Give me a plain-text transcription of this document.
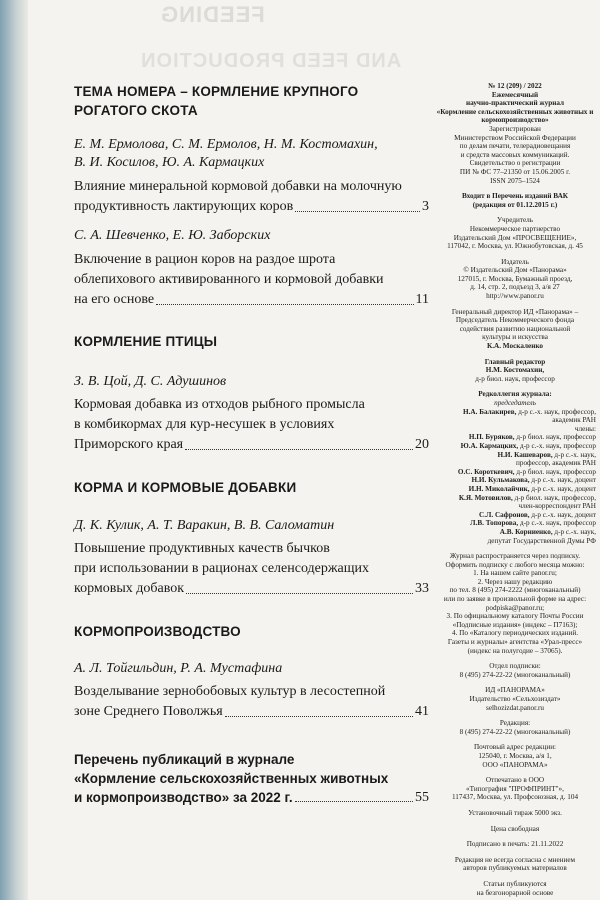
FEEDING
AND FEED PRODUCTION
ТЕМА НОМЕРА – КОРМЛЕНИЕ КРУПНОГО
РОГАТОГО СКОТА
Е. М. Ермолова, С. М. Ермолов, Н. М. Костомахин,
В. И. Косилов, Ю. А. Кармацких
Влияние минеральной кормовой добавки на молочную
продуктивность лактирующих коров	3
С. А. Шевченко, Е. Ю. Заборских
Включение в рацион коров на раздое шрота
облепихового активированного и кормовой добавки
на его основе	11
КОРМЛЕНИЕ ПТИЦЫ
З. В. Цой, Д. С. Адушинов
Кормовая добавка из отходов рыбного промысла
в комбикормах для кур-несушек в условиях
Приморского края	20
КОРМА И КОРМОВЫЕ ДОБАВКИ
Д. К. Кулик, А. Т. Варакин, В. В. Саломатин
Повышение продуктивных качеств бычков
при использовании в рационах селенсодержащих
кормовых добавок	33
КОРМОПРОИЗВОДСТВО
А. Л. Тойгильдин, Р. А. Мустафина
Возделывание зернобобовых культур в лесостепной
зоне Среднего Поволжья	41
Перечень публикаций в журнале
«Кормление сельскохозяйственных животных
и кормопроизводство» за 2022 г.	55
№ 12 (209) / 2022
Ежемесячный
научно-практический журнал
«Кормление сельскохозяйственных животных и кормопроизводство»
Зарегистрирован
Министерством Российской Федерации
по делам печати, телерадиовещания
и средств массовых коммуникаций.
Свидетельство о регистрации
ПИ № ФС 77–21350 от 15.06.2005 г.
ISSN 2075–1524
Входит в Перечень изданий ВАК
(редакция от 01.12.2015 г.)
Учредитель
Некоммерческое партнерство
Издательский Дом «ПРОСВЕЩЕНИЕ»,
117042, г. Москва, ул. Южнобутовская, д. 45
Издатель
© Издательский Дом «Панорама»
127015, г. Москва, Бумажный проезд,
д. 14, стр. 2, подъезд 3, а/я 27
http://www.panor.ru
Генеральный директор ИД «Панорама» –
Председатель Некоммерческого фонда
содействия развитию национальной
культуры и искусства
К.А. Москаленко
Главный редактор
Н.М. Костомахин,
д-р биол. наук, профессор
Редколлегия журнала:
председатель
Н.А. Балакирев, д-р с.-х. наук, профессор,
академик РАН
члены:
Н.П. Буряков, д-р биол. наук, профессор
Ю.А. Кармацких, д-р с.-х. наук, профессор
Н.И. Кашеваров, д-р с.-х. наук,
профессор, академик РАН
О.С. Короткевич, д-р биол. наук, профессор
Н.И. Кульмакова, д-р с.-х. наук, доцент
И.Н. Миколайчик, д-р с.-х. наук, доцент
К.Я. Мотовилов, д-р биол. наук, профессор,
член-корреспондент РАН
С.Л. Сафронов, д-р с.-х. наук, доцент
Л.В. Топорова, д-р с.-х. наук, профессор
А.В. Корниенко, д-р с.-х. наук,
депутат Государственной Думы РФ
Журнал распространяется через подписку.
Оформить подписку с любого месяца можно:
1. На нашем сайте panor.ru;
2. Через нашу редакцию
по тел. 8 (495) 274-2222 (многоканальный)
или по заявке в произвольной форме на адрес:
podpiska@panor.ru;
3. По официальному каталогу Почты России
«Подписные издания» (индекс – П7163);
4. По «Каталогу периодических изданий.
Газеты и журналы» агентства «Урал-пресс»
(индекс на полугодие – 37065).
Отдел подписки:
8 (495) 274-22-22 (многоканальный)
ИД «ПАНОРАМА»
Издательство «Сельхозиздат»
selhozizdat.panor.ru
Редакция:
8 (495) 274-22-22 (многоканальный)
Почтовый адрес редакции:
125040, г. Москва, а/я 1,
ООО «ПАНОРАМА»
Отпечатано в ООО
«Типография "ПРОФПРИНТ"»,
117437, Москва, ул. Профсоюзная, д. 104
Установочный тираж 5000 экз.
Цена свободная
Подписано в печать: 21.11.2022
Редакция не всегда согласна с мнением
авторов публикуемых материалов
Статьи публикуются
на безгонорарной основе
